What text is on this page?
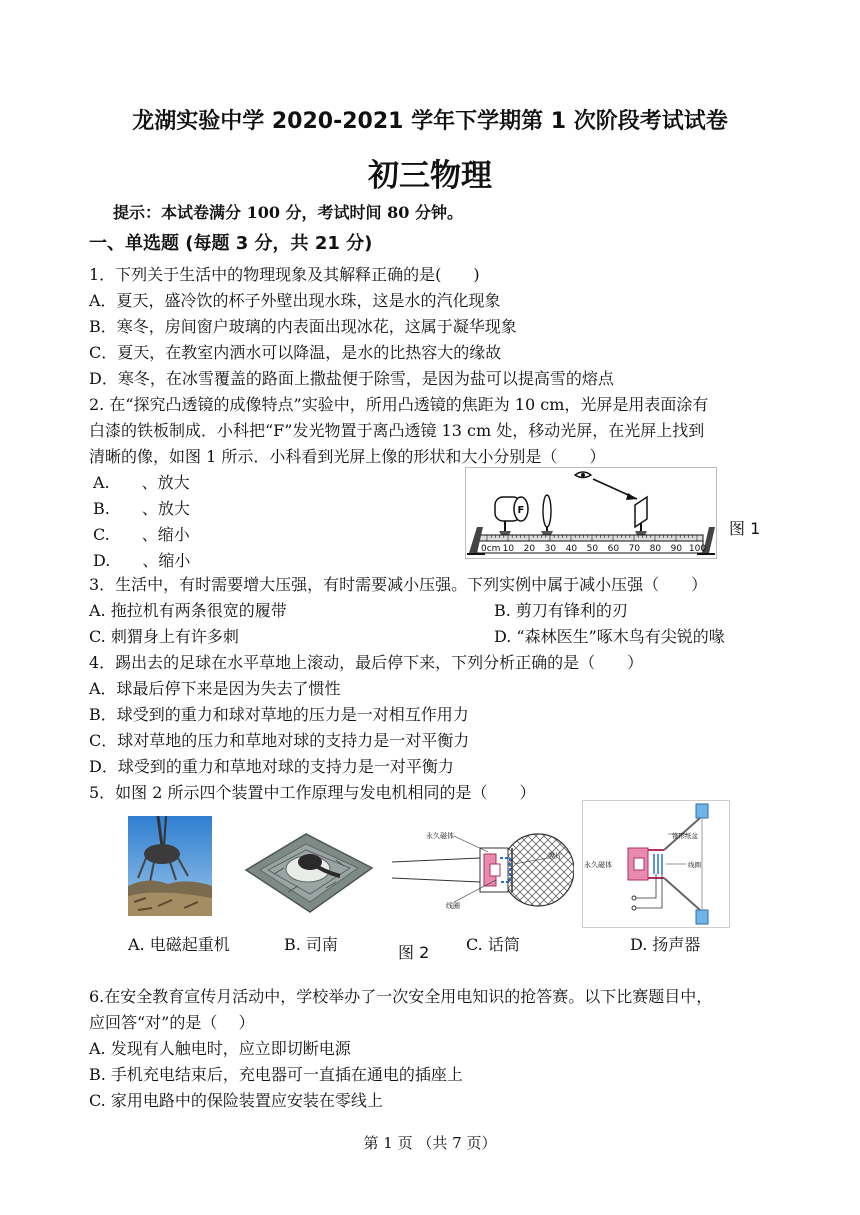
龙湖实验中学 2020-2021 学年下学期第 1 次阶段考试试卷
初三物理
提示：本试卷满分 100 分，考试时间 80 分钟。
一、单选题 (每题 3 分，共 21 分)
1．下列关于生活中的物理现象及其解释正确的是(　　)
A．夏天，盛冷饮的杯子外壁出现水珠，这是水的汽化现象
B．寒冬，房间窗户玻璃的内表面出现冰花，这属于凝华现象
C．夏天，在教室内洒水可以降温，是水的比热容大的缘故
D．寒冬，在冰雪覆盖的路面上撒盐便于除雪，是因为盐可以提高雪的熔点
2. 在“探究凸透镜的成像特点”实验中，所用凸透镜的焦距为 10 cm，光屏是用表面涂有
白漆的铁板制成．小科把“F”发光物置于离凸透镜 13 cm 处，移动光屏，在光屏上找到
清晰的像，如图 1 所示．小科看到光屏上像的形状和大小分别是（　　）
A.　　、放大
B.　　、放大
C.　　、缩小
D.　　、缩小
F
0cm 10 20 30 40 50 60 70 80 90 100
图 1
3．生活中，有时需要增大压强，有时需要减小压强。下列实例中属于减小压强（　　）
A. 拖拉机有两条很宽的履带	B. 剪刀有锋利的刃
C. 刺猬身上有许多刺	D. “森林医生”啄木鸟有尖锐的喙
4．踢出去的足球在水平草地上滚动，最后停下来，下列分析正确的是（　　）
A．球最后停下来是因为失去了惯性
B．球受到的重力和球对草地的压力是一对相互作用力
C．球对草地的压力和草地对球的支持力是一对平衡力
D．球受到的重力和草地对球的支持力是一对平衡力
5．如图 2 所示四个装置中工作原理与发电机相同的是（　　）
永久磁体
线圈
膜片
锥形纸盆
线圈
永久磁体
A. 电磁起重机	B. 司南	图 2 C. 话筒	D. 扬声器
6.在安全教育宣传月活动中，学校举办了一次安全用电知识的抢答赛。以下比赛题目中，
应回答“对”的是（　 ）
A. 发现有人触电时，应立即切断电源
B. 手机充电结束后，充电器可一直插在通电的插座上
C. 家用电路中的保险装置应安装在零线上
第 1 页 （共 7 页）
